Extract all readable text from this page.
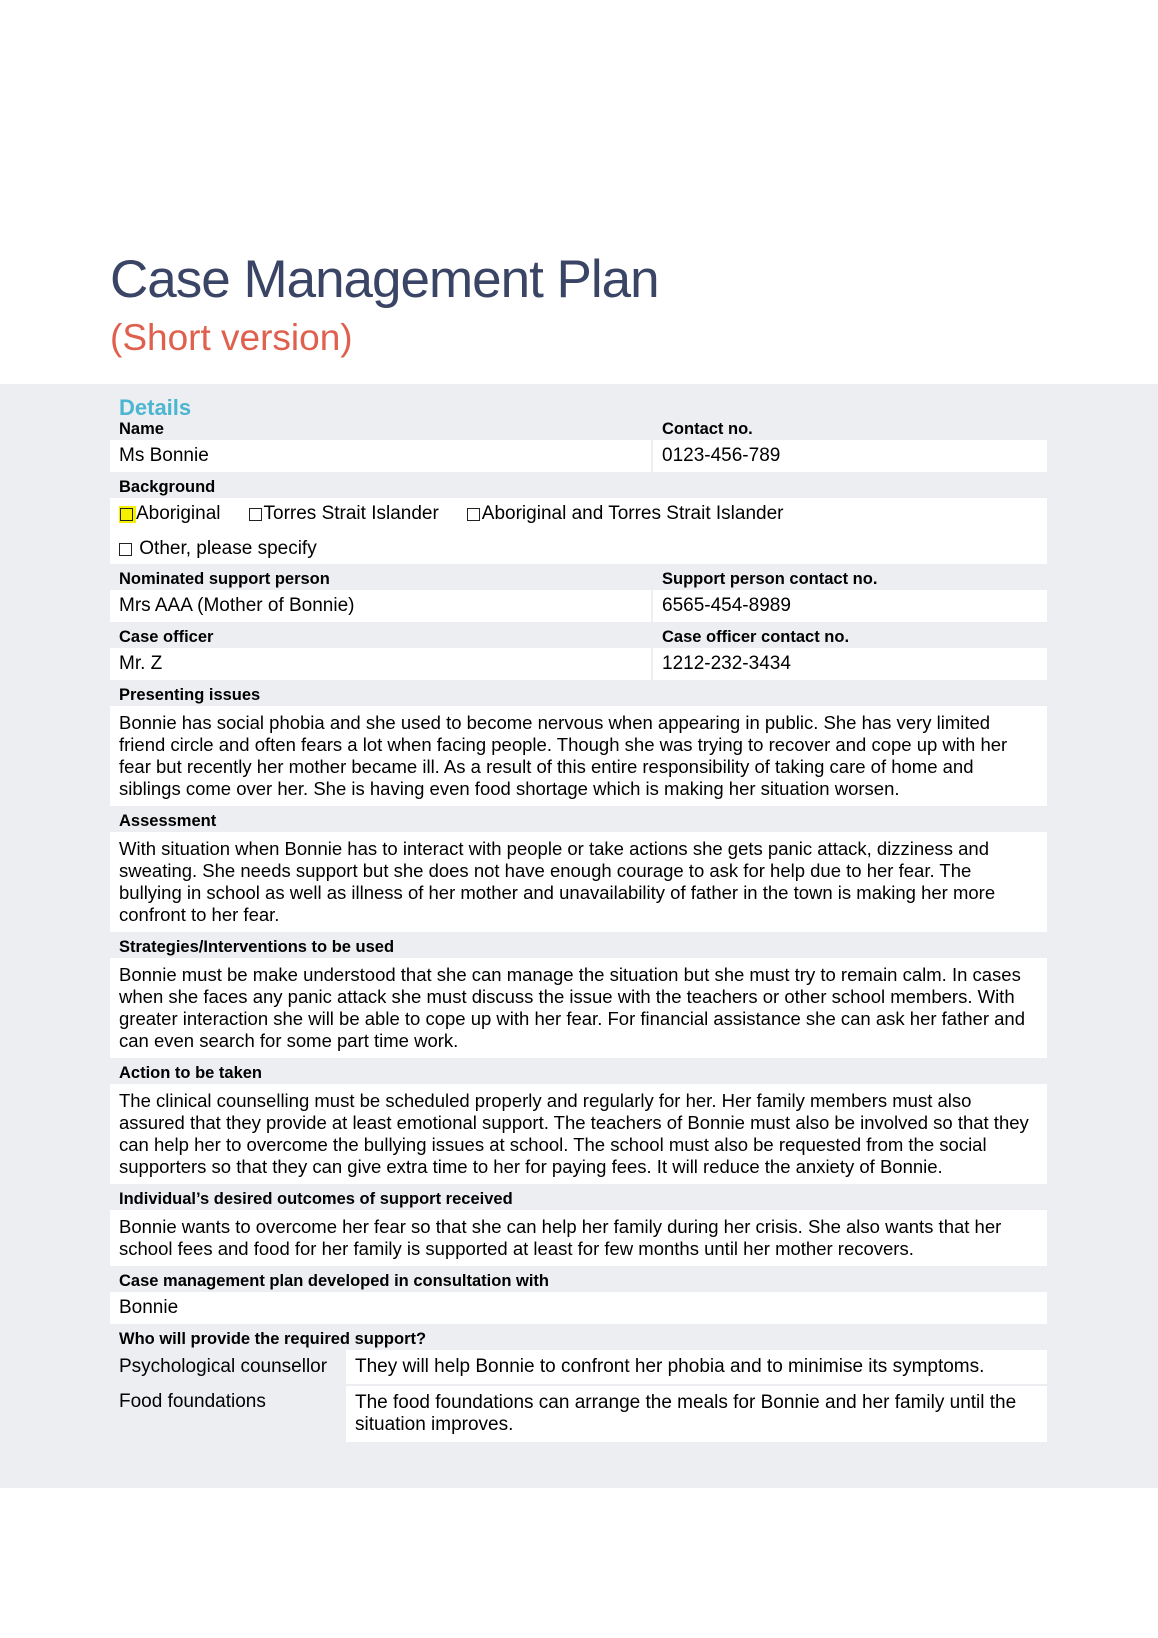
Case Management Plan
(Short version)
Details
Name	Contact no.
Ms Bonnie	0123-456-789
Background
Aboriginal Torres Strait Islander Aboriginal and Torres Strait Islander
Other, please specify
Nominated support person	Support person contact no.
Mrs AAA (Mother of Bonnie)	6565-454-8989
Case officer	Case officer contact no.
Mr. Z	1212-232-3434
Presenting issues
Bonnie has social phobia and she used to become nervous when appearing in public. She has very limited friend circle and often fears a lot when facing people. Though she was trying to recover and cope up with her fear but recently her mother became ill. As a result of this entire responsibility of taking care of home and siblings come over her. She is having even food shortage which is making her situation worsen.
Assessment
With situation when Bonnie has to interact with people or take actions she gets panic attack, dizziness and sweating. She needs support but she does not have enough courage to ask for help due to her fear. The bullying in school as well as illness of her mother and unavailability of father in the town is making her more confront to her fear.
Strategies/Interventions to be used
Bonnie must be make understood that she can manage the situation but she must try to remain calm. In cases when she faces any panic attack she must discuss the issue with the teachers or other school members. With greater interaction she will be able to cope up with her fear. For financial assistance she can ask her father and can even search for some part time work.
Action to be taken
The clinical counselling must be scheduled properly and regularly for her. Her family members must also assured that they provide at least emotional support. The teachers of Bonnie must also be involved so that they can help her to overcome the bullying issues at school. The school must also be requested from the social supporters so that they can give extra time to her for paying fees. It will reduce the anxiety of Bonnie.
Individual’s desired outcomes of support received
Bonnie wants to overcome her fear so that she can help her family during her crisis. She also wants that her school fees and food for her family is supported at least for few months until her mother recovers.
Case management plan developed in consultation with
Bonnie
Who will provide the required support?
Psychological counsellor	They will help Bonnie to confront her phobia and to minimise its symptoms.
Food foundations	The food foundations can arrange the meals for Bonnie and her family until the situation improves.
